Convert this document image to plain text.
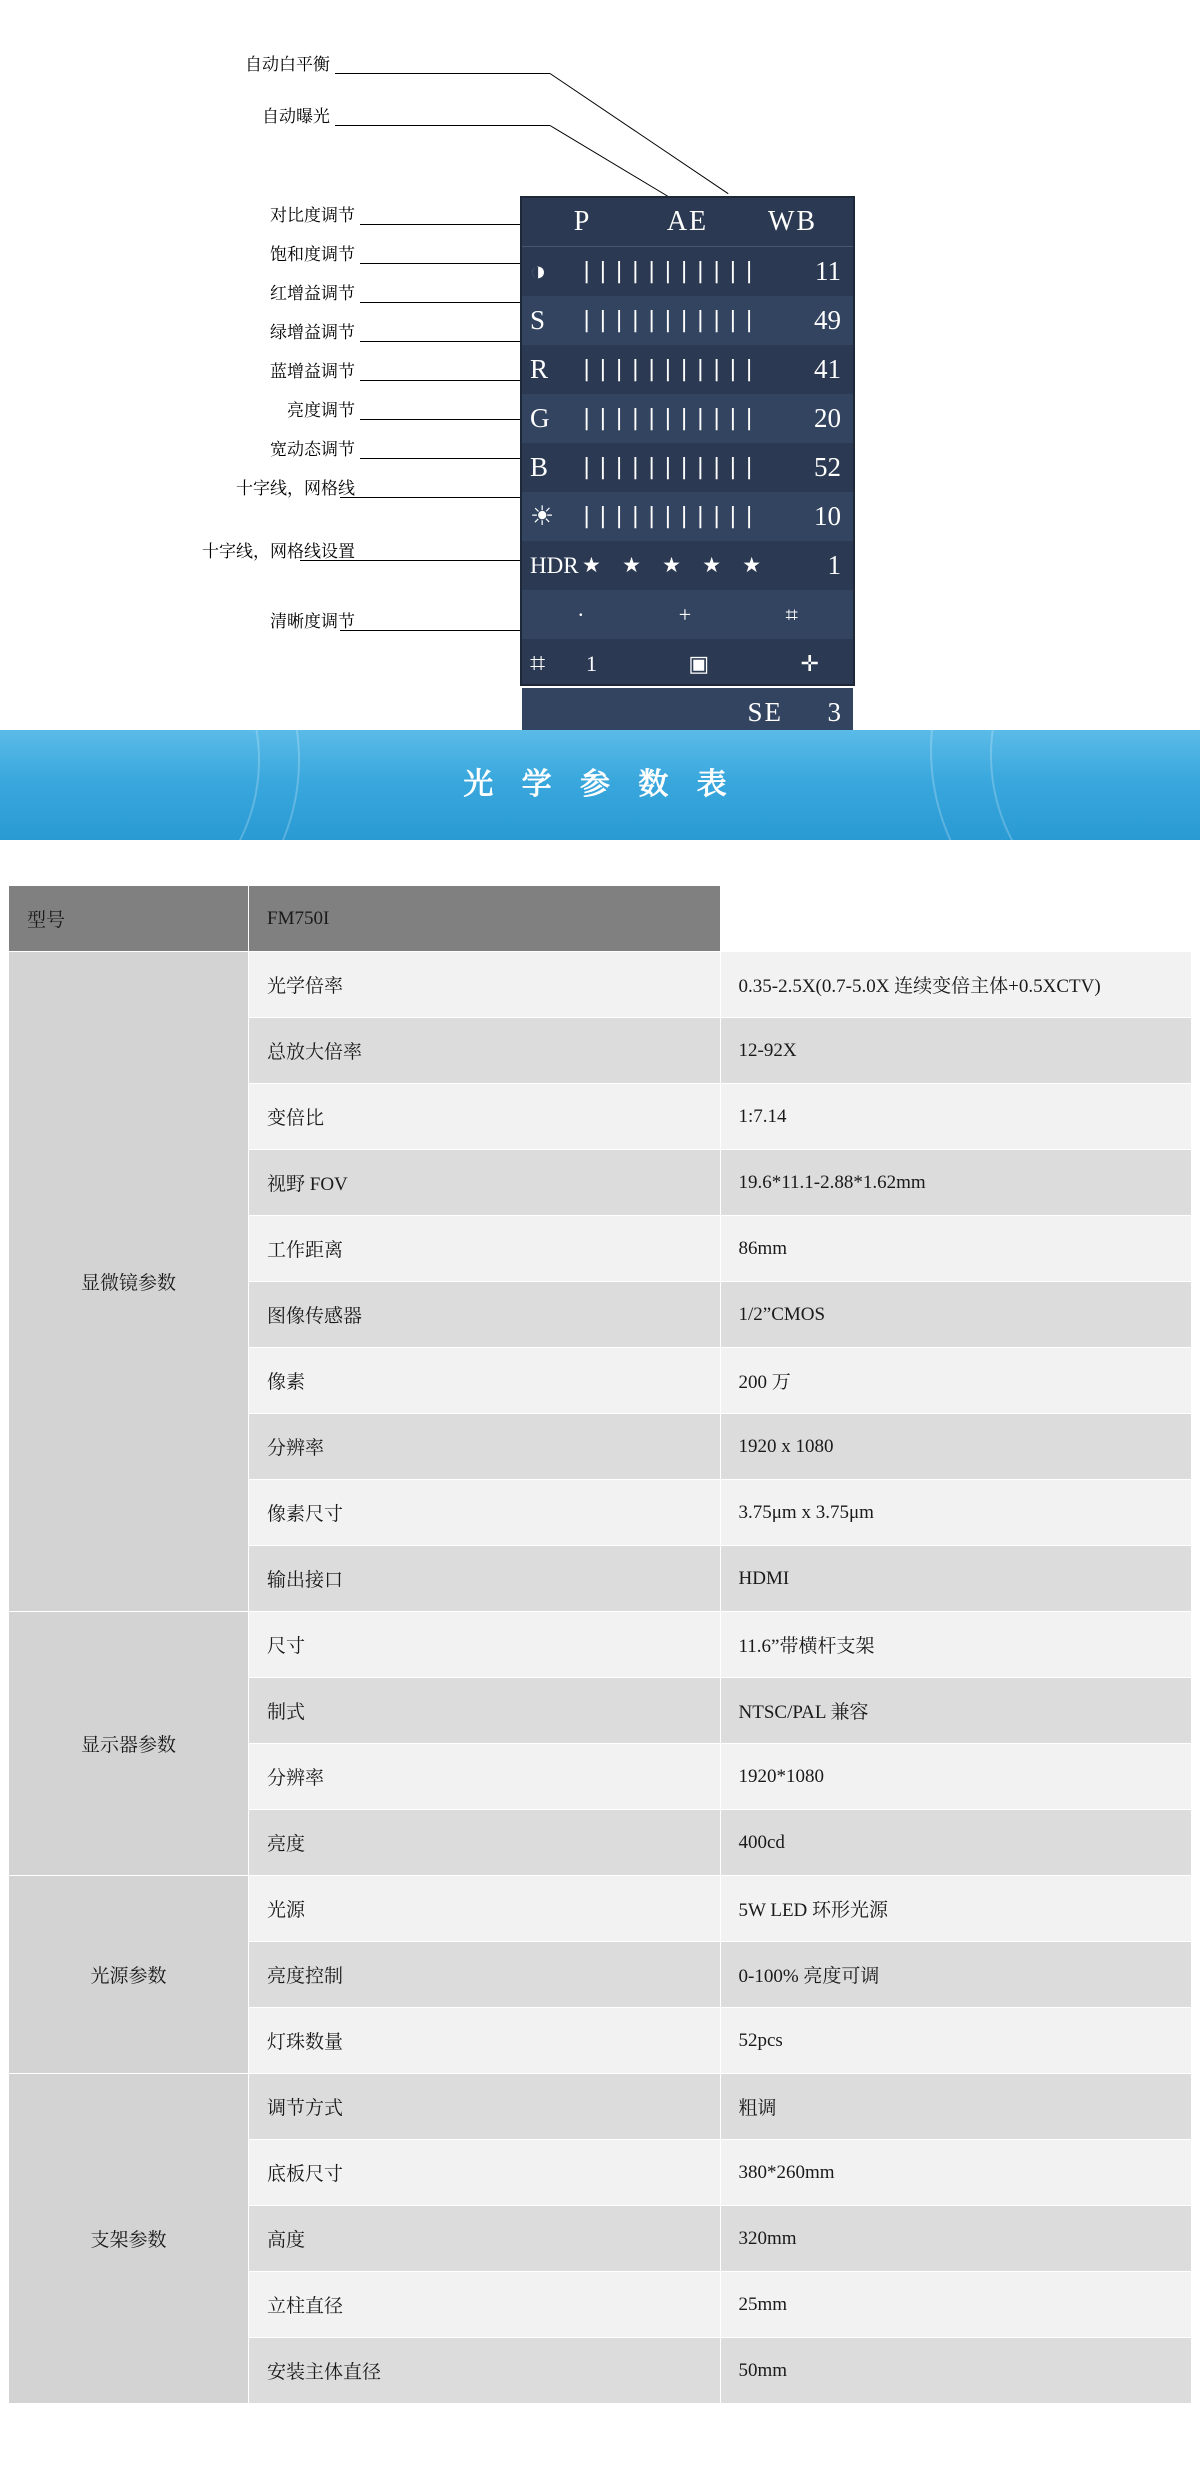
自动白平衡
自动曝光
对比度调节
饱和度调节
红增益调节
绿增益调节
蓝增益调节
亮度调节
宽动态调节
十字线，网格线
十字线，网格线设置
清晰度调节
P	AE	WB
◑	|||||||||||	11
S	|||||||||||	49
R	|||||||||||	41
G	|||||||||||	20
B	|||||||||||	52
☀	|||||||||||	10
HDR ★ ★ ★ ★ ★	1
·	+	⌗
⌗	1	▣	✛
SE	3
光 学 参 数 表
型号	FM750I	
显微镜参数	光学倍率	0.35-2.5X(0.7-5.0X 连续变倍主体+0.5XCTV)
	总放大倍率	12-92X
	变倍比	1:7.14
	视野 FOV	19.6*11.1-2.88*1.62mm
	工作距离	86mm
	图像传感器	1/2”CMOS
	像素	200 万
	分辨率	1920 x 1080
	像素尺寸	3.75μm x 3.75μm
	输出接口	HDMI
显示器参数	尺寸	11.6”带横杆支架
	制式	NTSC/PAL 兼容
	分辨率	1920*1080
	亮度	400cd
光源参数	光源	5W LED 环形光源
	亮度控制	0-100% 亮度可调
	灯珠数量	52pcs
支架参数	调节方式	粗调
	底板尺寸	380*260mm
	高度	320mm
	立柱直径	25mm
	安装主体直径	50mm
